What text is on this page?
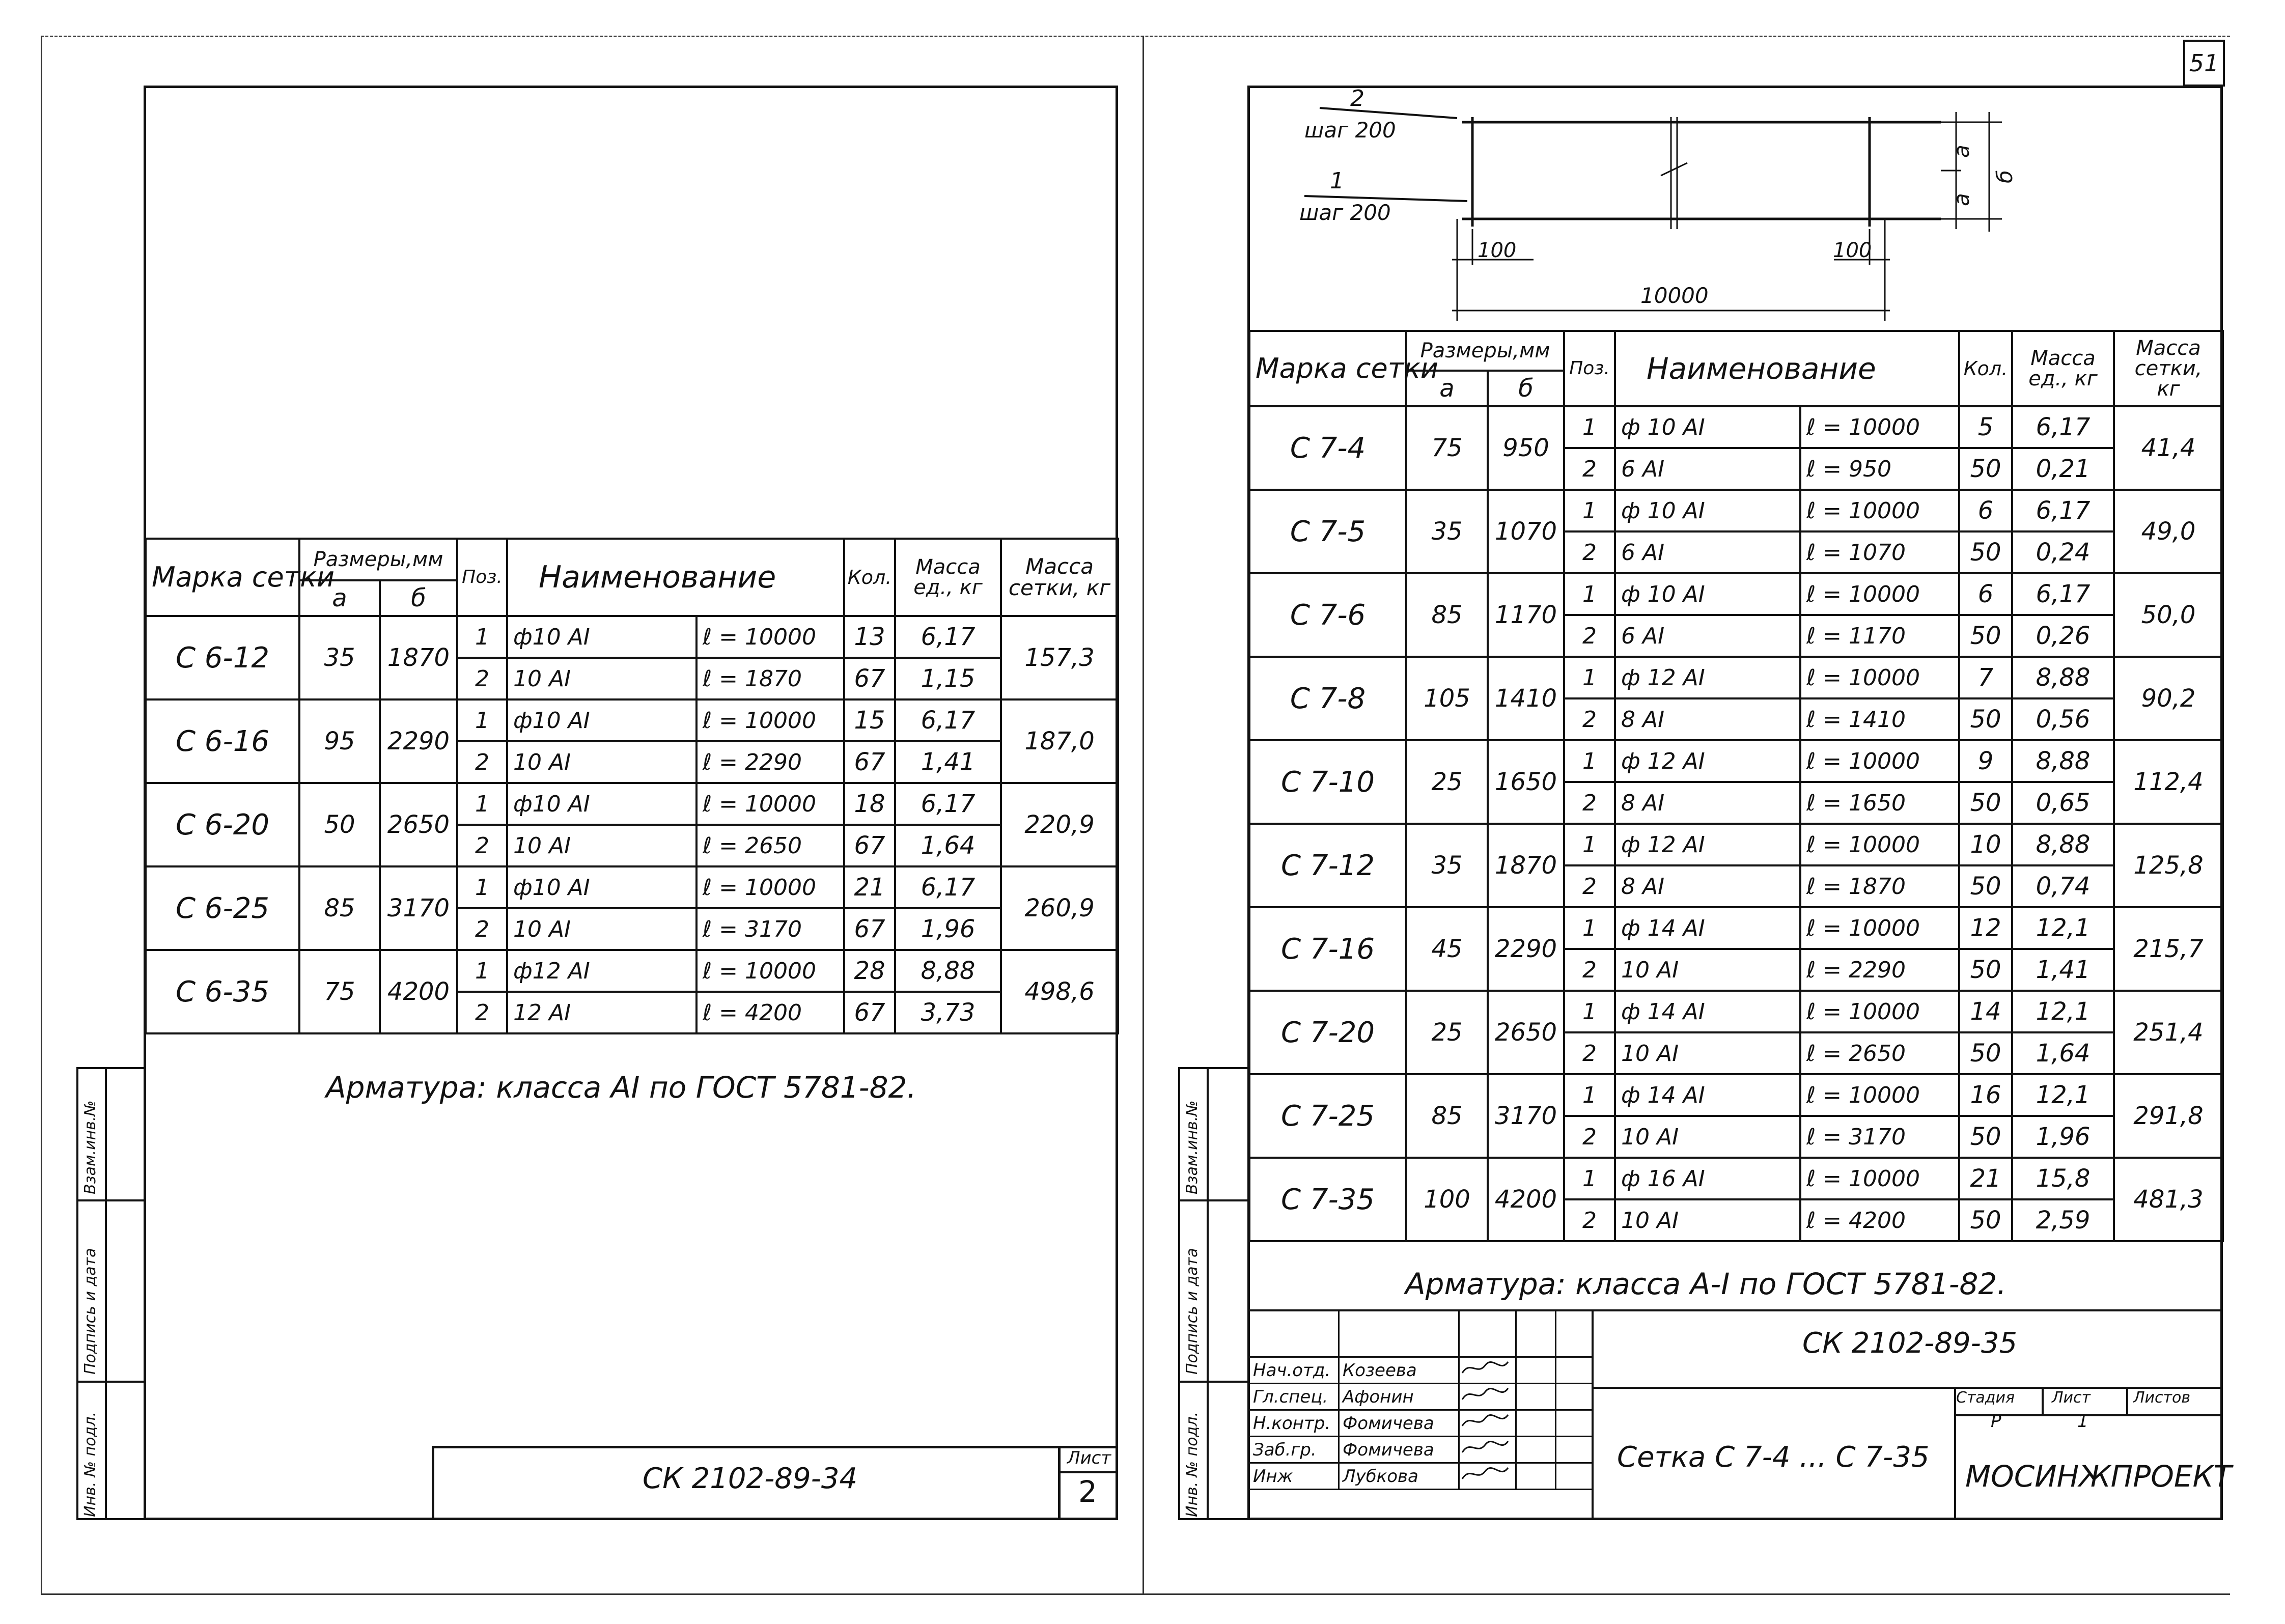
51
Инв. № подл.
Подпись и дата
Взам.инв.№
Марка сетки	Размеры,мм		Поз.	Наименование		Кол.	Масса ед., кг	Масса сетки, кг
	а	б						
С 6-12	35	1870	1	ф10 АI	ℓ = 10000	13	6,17	157,3
			2	10 АI	ℓ = 1870	67	1,15	
С 6-16	95	2290	1	ф10 АI	ℓ = 10000	15	6,17	187,0
			2	10 АI	ℓ = 2290	67	1,41	
С 6-20	50	2650	1	ф10 АI	ℓ = 10000	18	6,17	220,9
			2	10 АI	ℓ = 2650	67	1,64	
С 6-25	85	3170	1	ф10 АI	ℓ = 10000	21	6,17	260,9
			2	10 АI	ℓ = 3170	67	1,96	
С 6-35	75	4200	1	ф12 АI	ℓ = 10000	28	8,88	498,6
			2	12 АI	ℓ = 4200	67	3,73	
Арматура: класса АI по ГОСТ 5781-82.
СК 2102-89-34
Лист
2	Инв. № подл.
Подпись и дата
Взам.инв.№
2
шаг 200
1
шаг 200
100	100
10000
а
а
б
Марка сетки	Размеры,мм		Поз.	Наименование		Кол.	Масса ед., кг	Масса сетки, кг
	а	б						
С 7-4	75	950	1	ф 10 АI	ℓ = 10000	5	6,17	41,4
			2	6 АI	ℓ = 950	50	0,21	
С 7-5	35	1070	1	ф 10 АI	ℓ = 10000	6	6,17	49,0
			2	6 АI	ℓ = 1070	50	0,24	
С 7-6	85	1170	1	ф 10 АI	ℓ = 10000	6	6,17	50,0
			2	6 АI	ℓ = 1170	50	0,26	
С 7-8	105	1410	1	ф 12 АI	ℓ = 10000	7	8,88	90,2
			2	8 АI	ℓ = 1410	50	0,56	
С 7-10	25	1650	1	ф 12 АI	ℓ = 10000	9	8,88	112,4
			2	8 АI	ℓ = 1650	50	0,65	
С 7-12	35	1870	1	ф 12 АI	ℓ = 10000	10	8,88	125,8
			2	8 АI	ℓ = 1870	50	0,74	
С 7-16	45	2290	1	ф 14 АI	ℓ = 10000	12	12,1	215,7
			2	10 АI	ℓ = 2290	50	1,41	
С 7-20	25	2650	1	ф 14 АI	ℓ = 10000	14	12,1	251,4
			2	10 АI	ℓ = 2650	50	1,64	
С 7-25	85	3170	1	ф 14 АI	ℓ = 10000	16	12,1	291,8
			2	10 АI	ℓ = 3170	50	1,96	
С 7-35	100	4200	1	ф 16 АI	ℓ = 10000	21	15,8	481,3
			2	10 АI	ℓ = 4200	50	2,59	
Арматура: класса А-I по ГОСТ 5781-82.
СК 2102-89-35
Сетка С 7-4 ... С 7-35
МОСИНЖПРОЕКТ
Стадия Лист	Листов
Р	1

Нач.отд.	Козеева			
Гл.спец.	Афонин			
Н.контр.	Фомичева			
Заб.гр.	Фомичева			
Инж	Лубкова			
